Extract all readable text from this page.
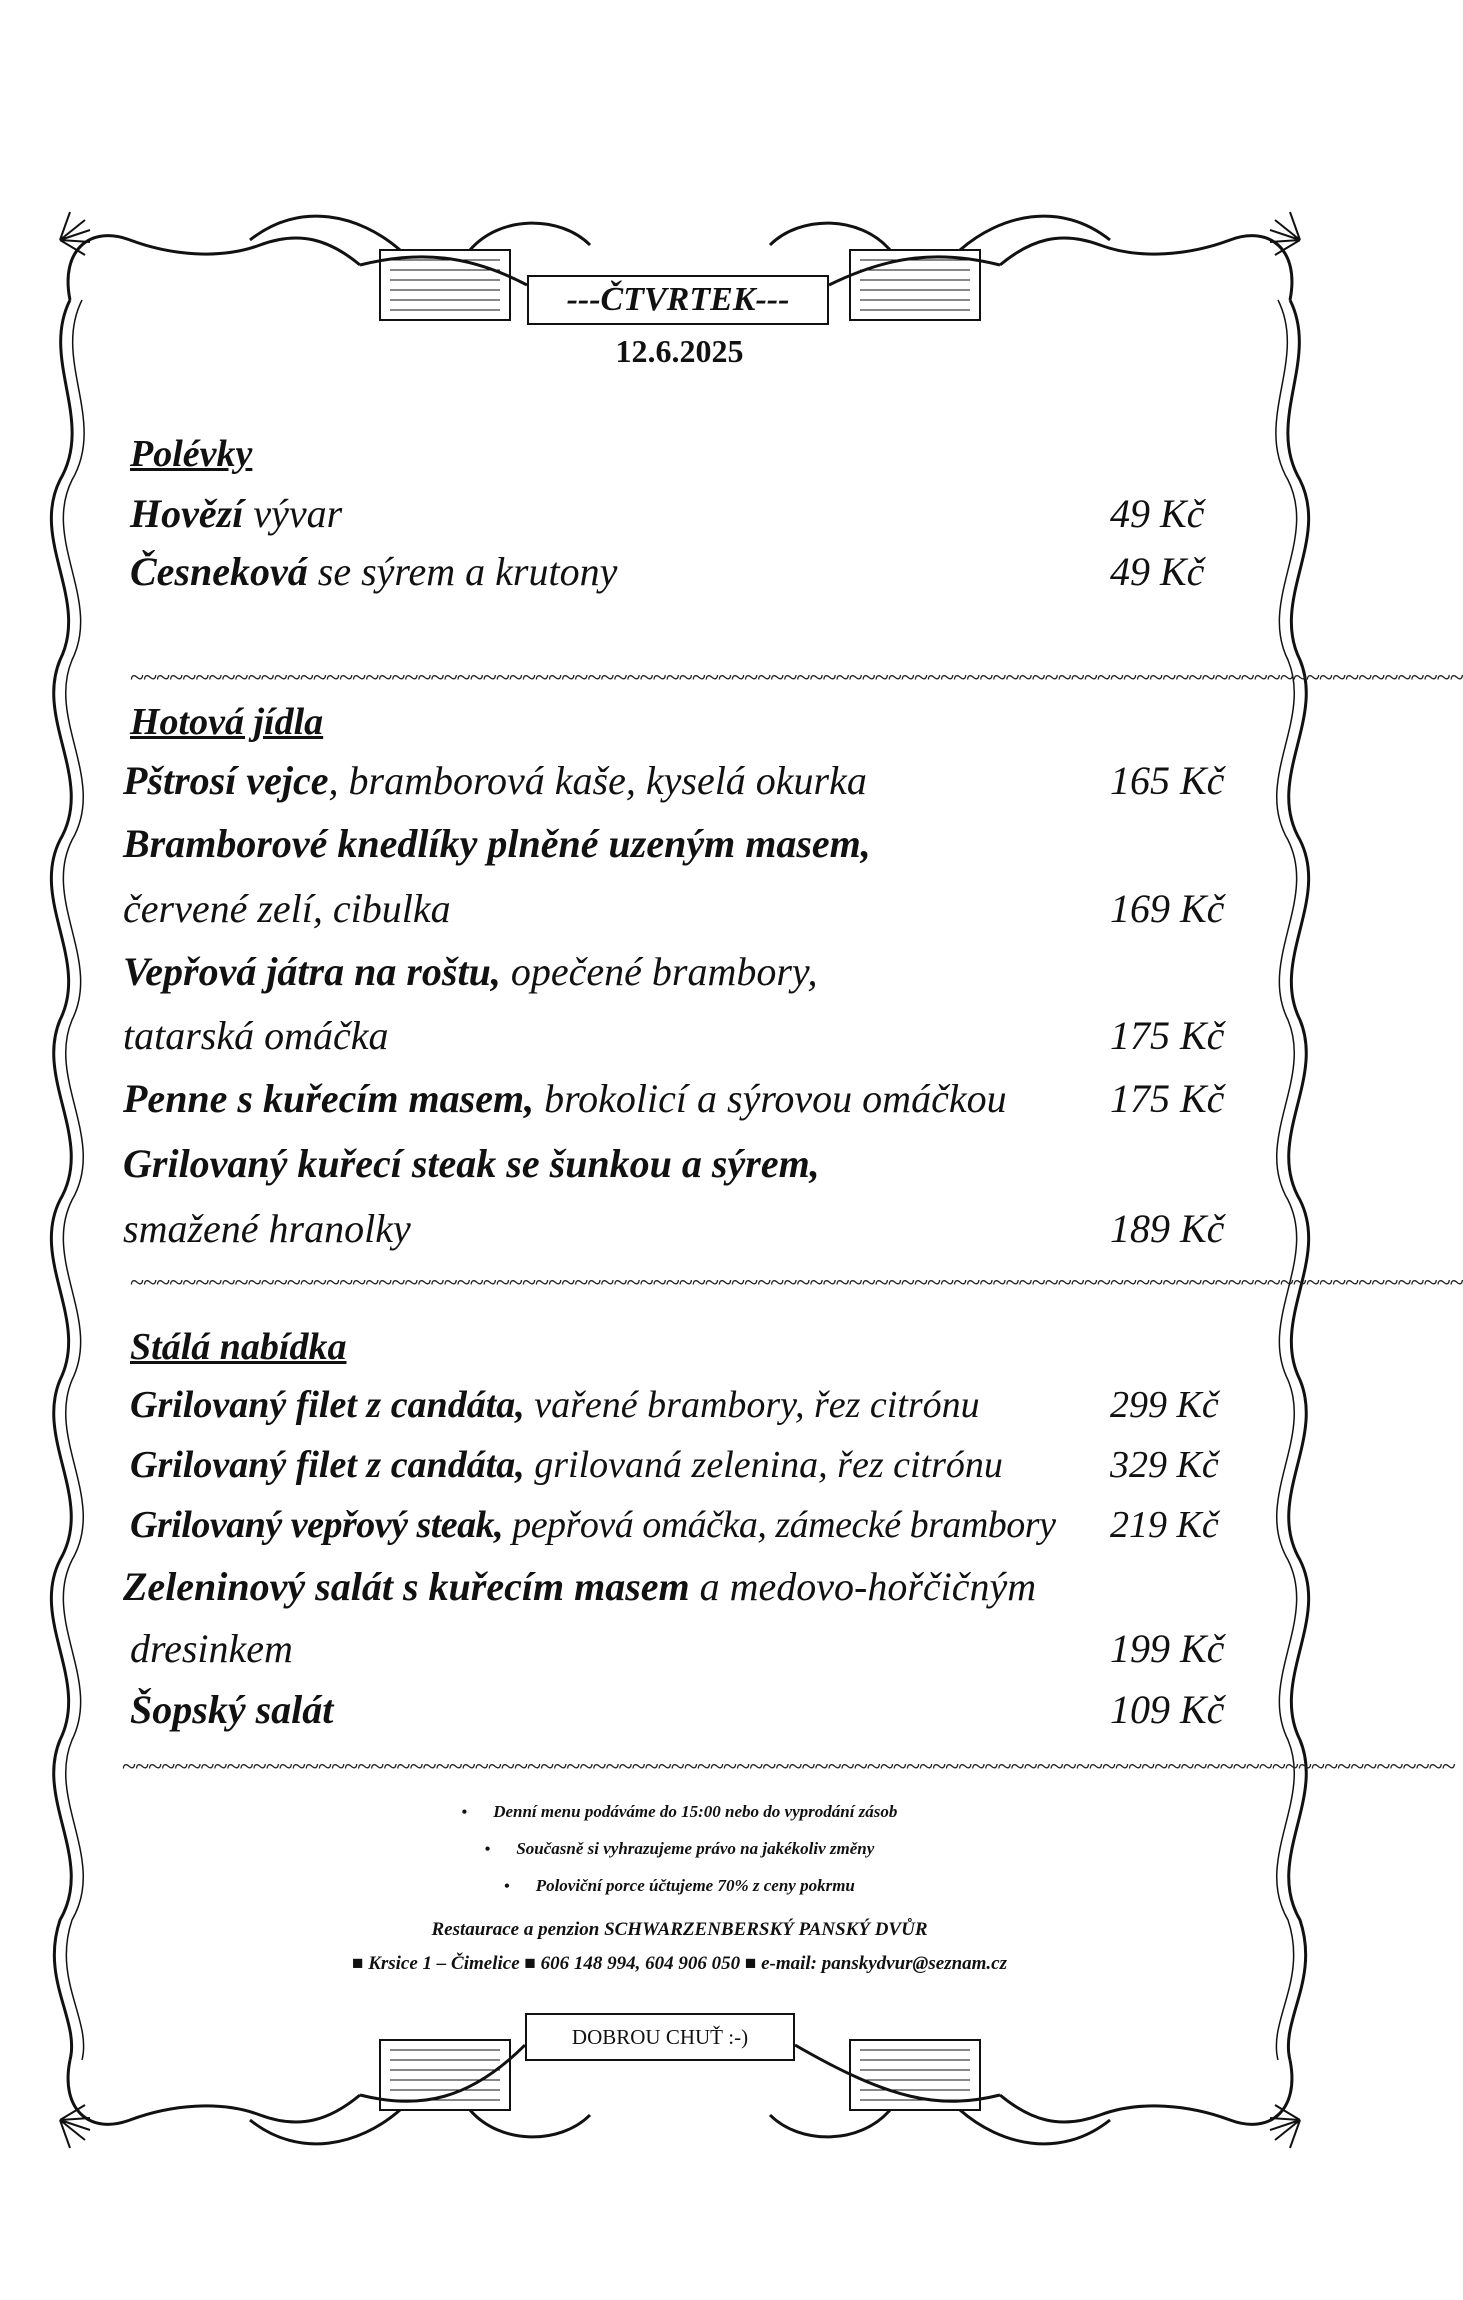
---ČTVRTEK---
12.6.2025
Polévky
Hovězí vývar	49 Kč
Česneková se sýrem a krutony	49 Kč
~~~~~~~~~~~~~~~~~~~~~~~~~~~~~~~~~~~~~~~~~~~~~~~~~~~~~~~~~~~~~~~~~~~~~~~~~~~~~~~~~~~~~~~~~~~~~~~~~~~~~~
Hotová jídla
Pštrosí vejce, bramborová kaše, kyselá okurka	165 Kč
Bramborové knedlíky plněné uzeným masem,
červené zelí, cibulka	169 Kč
Vepřová játra na roštu, opečené brambory,
tatarská omáčka	175 Kč
Penne s kuřecím masem, brokolicí a sýrovou omáčkou	175 Kč
Grilovaný kuřecí steak se šunkou a sýrem,
smažené hranolky	189 Kč
~~~~~~~~~~~~~~~~~~~~~~~~~~~~~~~~~~~~~~~~~~~~~~~~~~~~~~~~~~~~~~~~~~~~~~~~~~~~~~~~~~~~~~~~~~~~~~~~~~~~~~
Stálá nabídka
Grilovaný filet z candáta, vařené brambory, řez citrónu	299 Kč
Grilovaný filet z candáta, grilovaná zelenina, řez citrónu	329 Kč
Grilovaný vepřový steak, pepřová omáčka, zámecké brambory 219 Kč
Zeleninový salát s kuřecím masem a medovo-hořčičným
dresinkem	199 Kč
Šopský salát	109 Kč
~~~~~~~~~~~~~~~~~~~~~~~~~~~~~~~~~~~~~~~~~~~~~~~~~~~~~~~~~~~~~~~~~~~~~~~~~~~~~~~~~~~~~~~~~~~~~~~~~~~~~~
• Denní menu podáváme do 15:00 nebo do vyprodání zásob
• Současně si vyhrazujeme právo na jakékoliv změny
• Poloviční porce účtujeme 70% z ceny pokrmu
Restaurace a penzion SCHWARZENBERSKÝ PANSKÝ DVŮR
■ Krsice 1 – Čimelice ■ 606 148 994, 604 906 050 ■ e-mail: panskydvur@seznam.cz
DOBROU CHUŤ :-)
